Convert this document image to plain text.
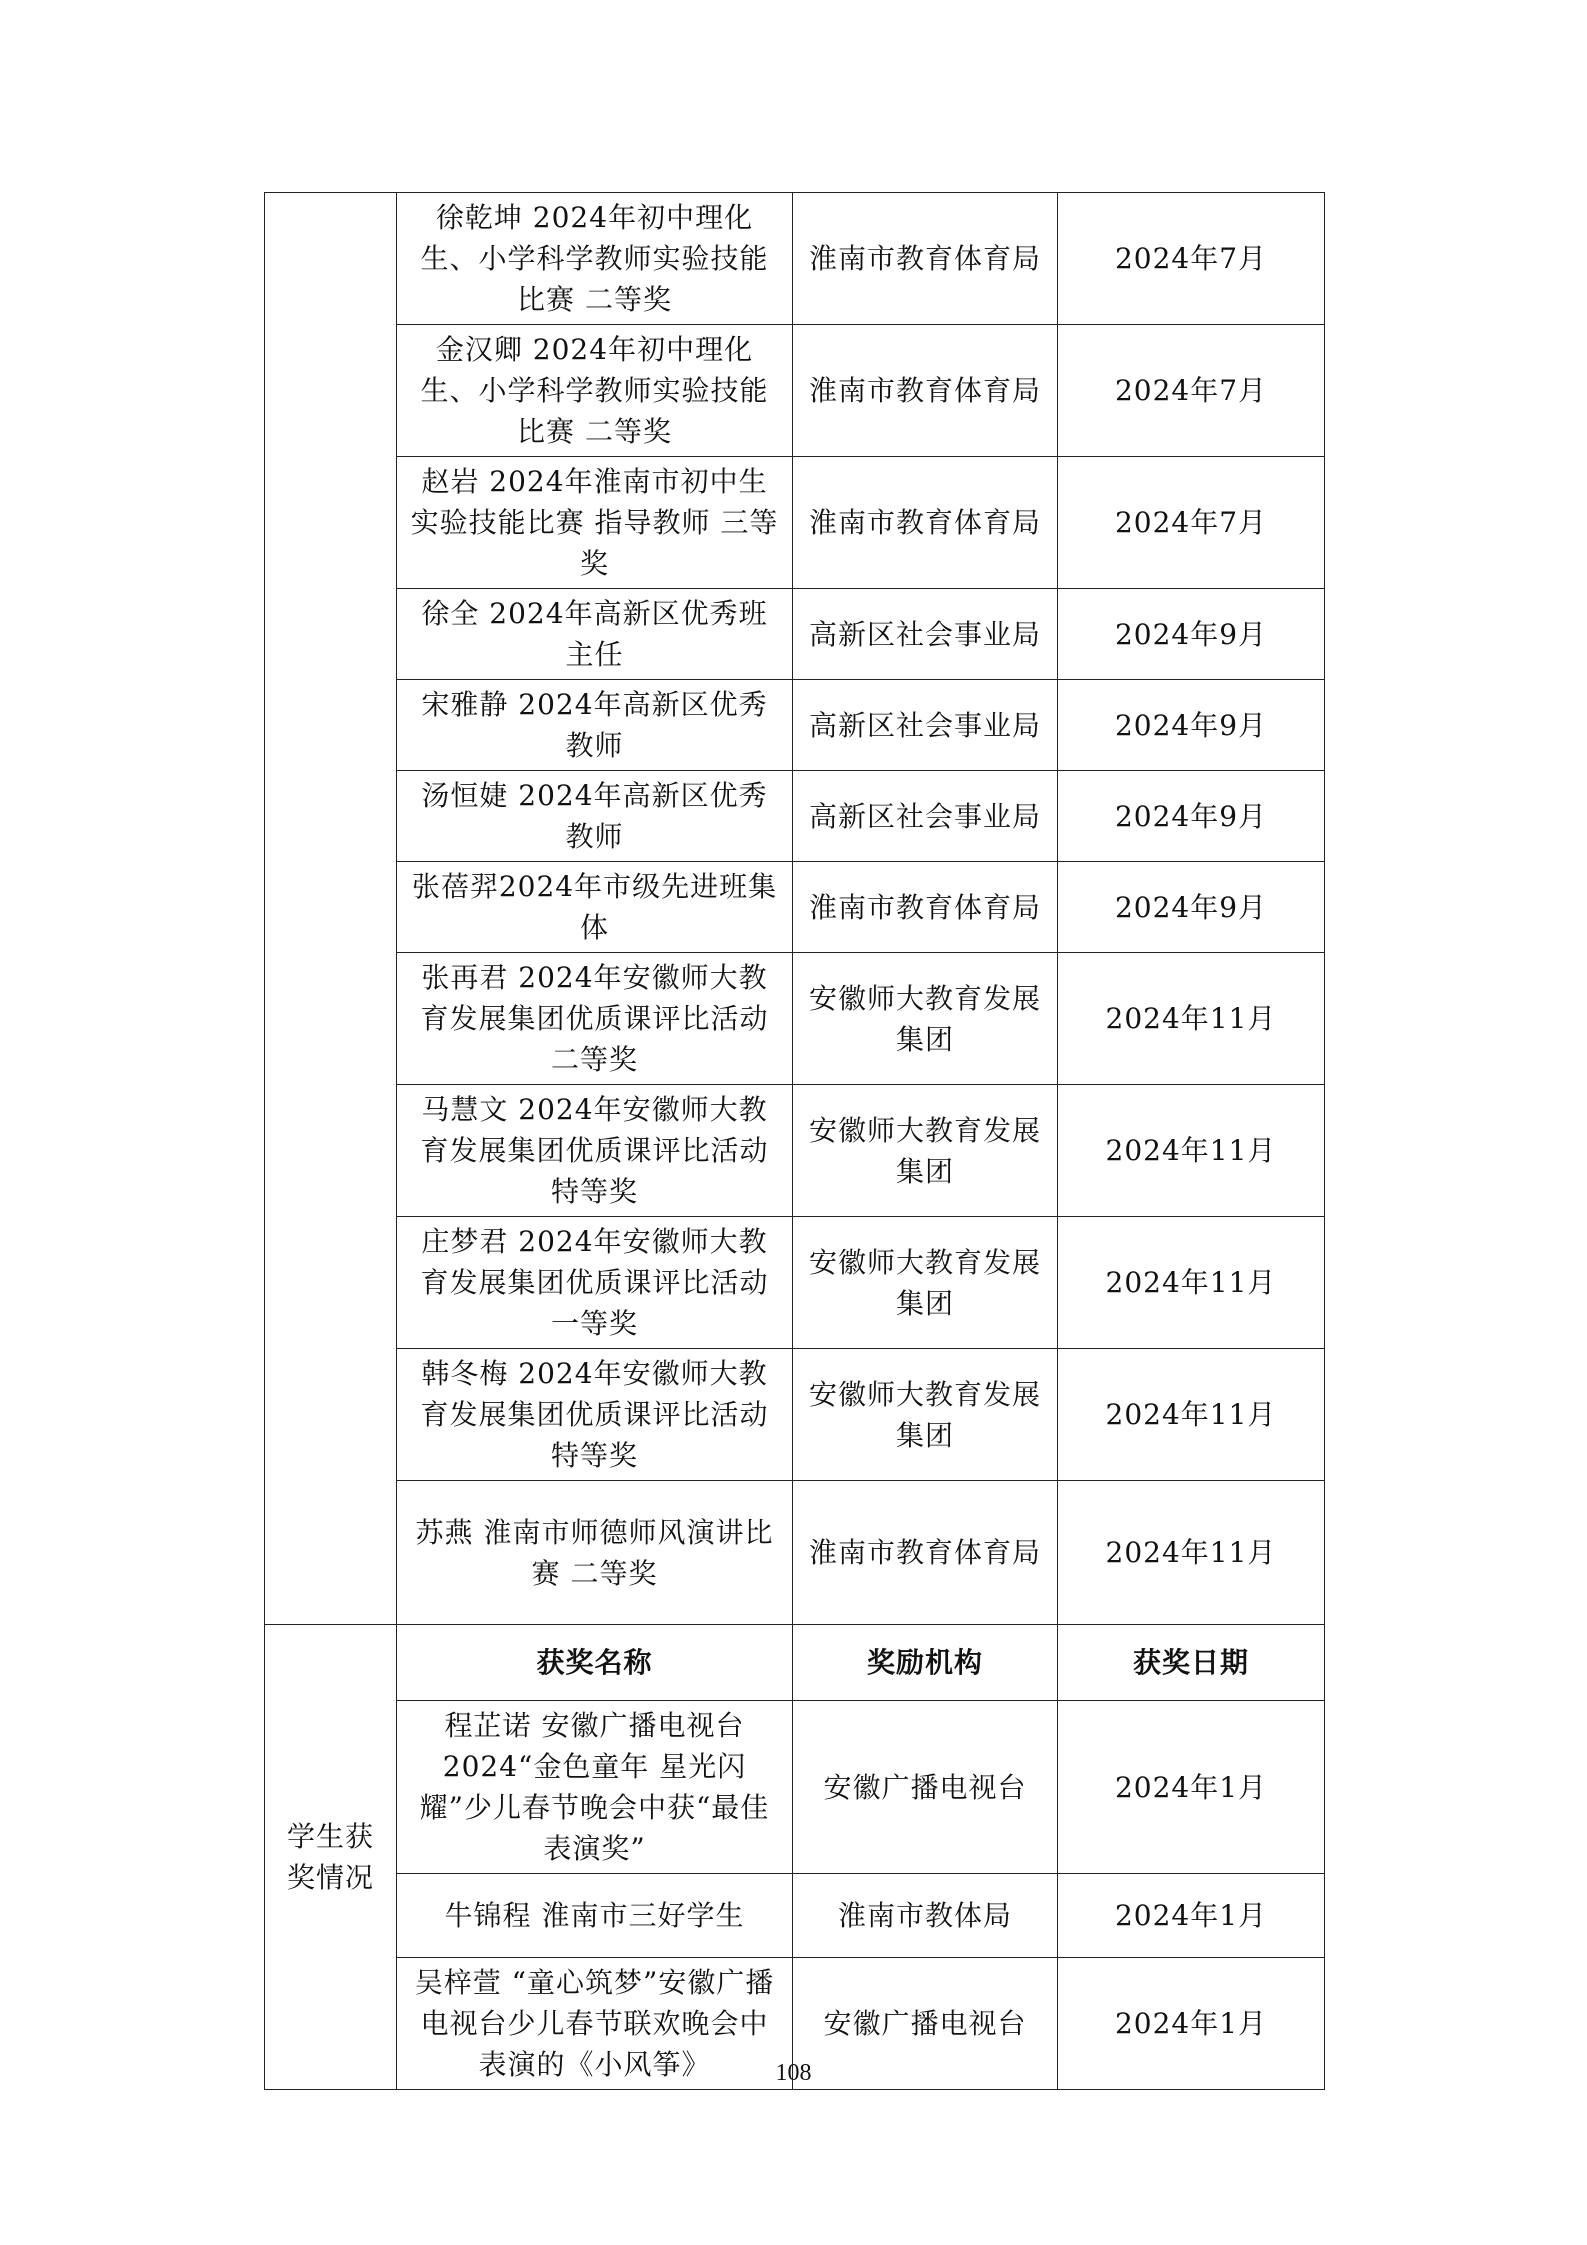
	徐乾坤 2024年初中理化生、小学科学教师实验技能比赛 二等奖	淮南市教育体育局	2024年7月
	金汉卿 2024年初中理化生、小学科学教师实验技能比赛 二等奖	淮南市教育体育局	2024年7月
	赵岩 2024年淮南市初中生实验技能比赛 指导教师 三等奖	淮南市教育体育局	2024年7月
	徐全 2024年高新区优秀班主任	高新区社会事业局	2024年9月
	宋雅静 2024年高新区优秀教师	高新区社会事业局	2024年9月
	汤恒婕 2024年高新区优秀教师	高新区社会事业局	2024年9月
	张蓓羿2024年市级先进班集体	淮南市教育体育局	2024年9月
	张再君 2024年安徽师大教育发展集团优质课评比活动 二等奖	安徽师大教育发展集团	2024年11月
	马慧文 2024年安徽师大教育发展集团优质课评比活动 特等奖	安徽师大教育发展集团	2024年11月
	庄梦君 2024年安徽师大教育发展集团优质课评比活动 一等奖	安徽师大教育发展集团	2024年11月
	韩冬梅 2024年安徽师大教育发展集团优质课评比活动 特等奖	安徽师大教育发展集团	2024年11月
	苏燕 淮南市师德师风演讲比赛 二等奖	淮南市教育体育局	2024年11月
学生获奖情况	获奖名称	奖励机构	获奖日期
	程芷诺 安徽广播电视台2024“金色童年 星光闪耀”少儿春节晚会中获“最佳表演奖”	安徽广播电视台	2024年1月
	牛锦程 淮南市三好学生	淮南市教体局	2024年1月
	吴梓萱 “童心筑梦”安徽广播电视台少儿春节联欢晚会中表演的《小风筝》	安徽广播电视台	2024年1月
108
